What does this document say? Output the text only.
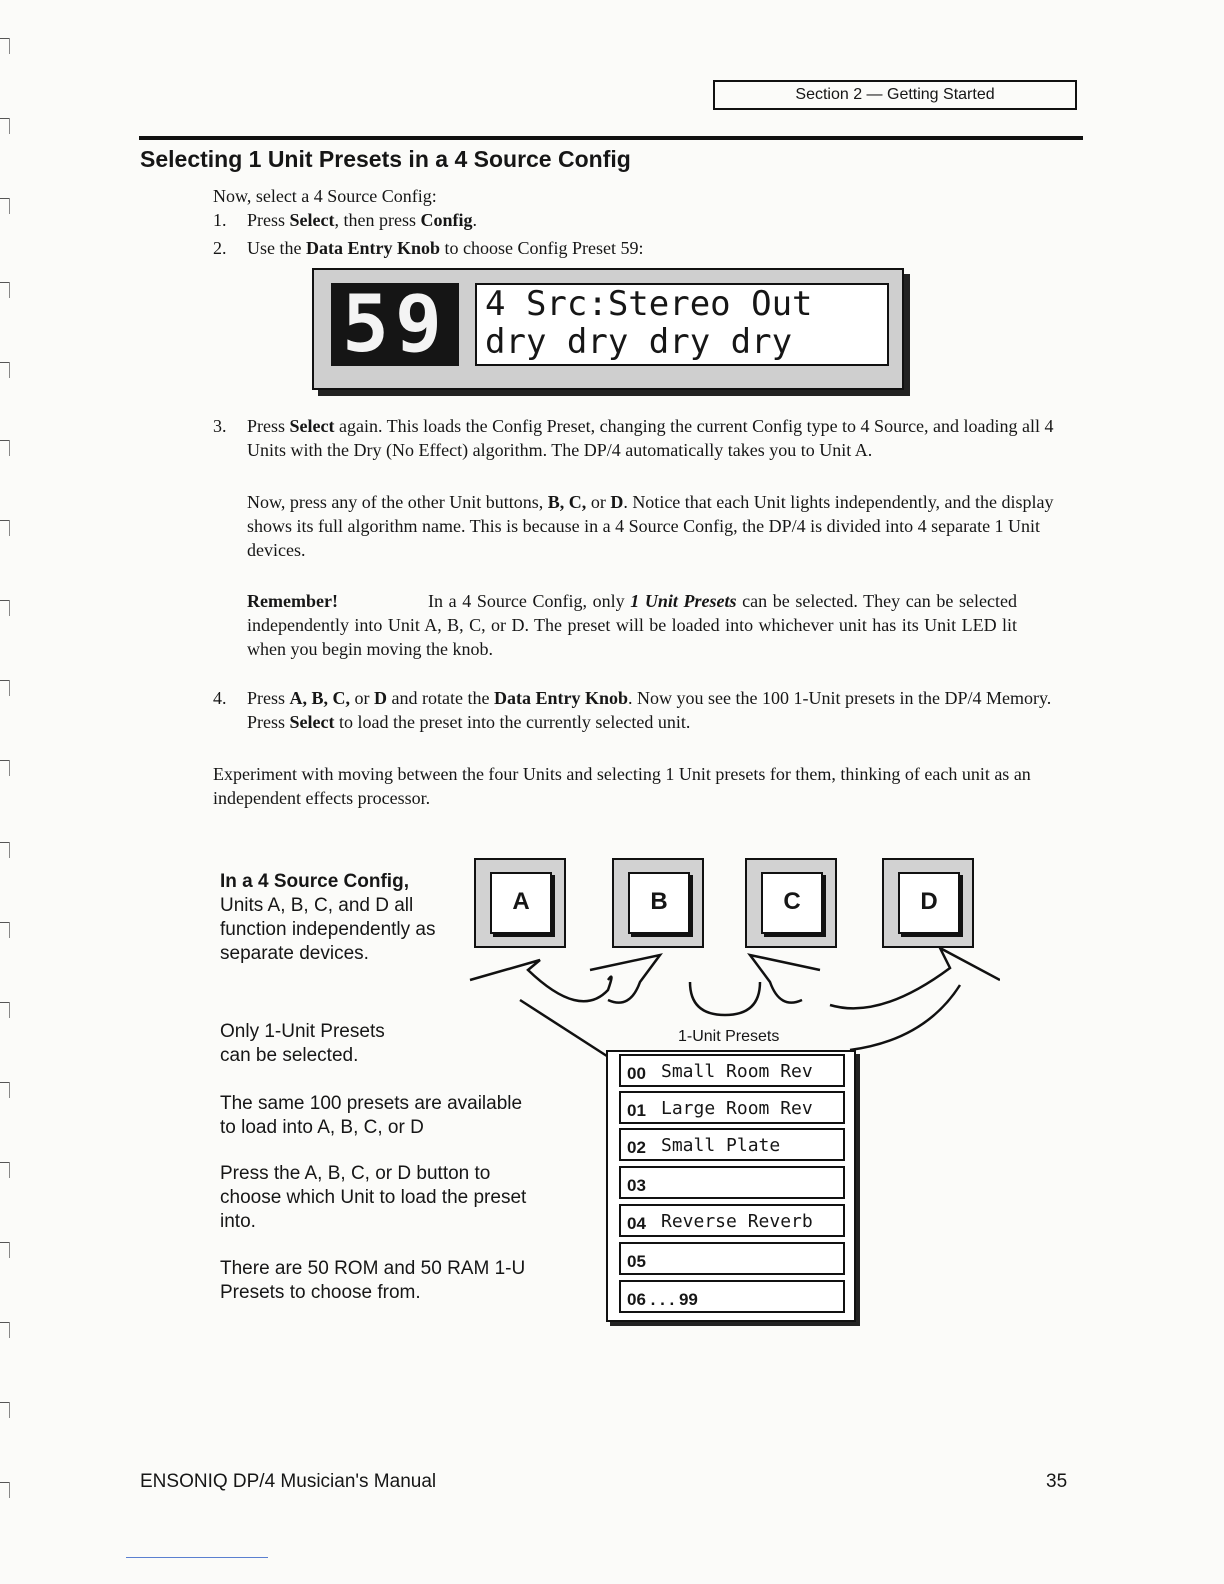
Section 2 — Getting Started
Selecting 1 Unit Presets in a 4 Source Config
Now, select a 4 Source Config:
1. Press Select, then press Config.
2. Use the Data Entry Knob to choose Config Preset 59:
59	4 Src:Stereo Out
dry dry dry dry
3. Press Select again. This loads the Config Preset, changing the current Config type to 4 Source, and loading all 4 Units with the Dry (No Effect) algorithm. The DP/4 automatically takes you to Unit A.
Now, press any of the other Unit buttons, B, C, or D. Notice that each Unit lights independently, and the display shows its full algorithm name. This is because in a 4 Source Config, the DP/4 is divided into 4 separate 1 Unit devices.
Remember!	In a 4 Source Config, only 1 Unit Presets can be selected. They can be selected independently into Unit A, B, C, or D. The preset will be loaded into whichever unit has its Unit LED lit when you begin moving the knob.
4. Press A, B, C, or D and rotate the Data Entry Knob. Now you see the 100 1-Unit presets in the DP/4 Memory. Press Select to load the preset into the currently selected unit.
Experiment with moving between the four Units and selecting 1 Unit presets for them, thinking of each unit as an independent effects processor.
A	B	C	D
In a 4 Source Config,
Units A, B, C, and D all function independently as separate devices.
Only 1-Unit Presets can be selected.
The same 100 presets are available to load into A, B, C, or D
Press the A, B, C, or D button to choose which Unit to load the preset into.
There are 50 ROM and 50 RAM 1-U Presets to choose from.
1-Unit Presets
00 Small Room Rev
01 Large Room Rev
02 Small Plate
03
04 Reverse Reverb
05
06 . . . 99
ENSONIQ DP/4 Musician's Manual	35
